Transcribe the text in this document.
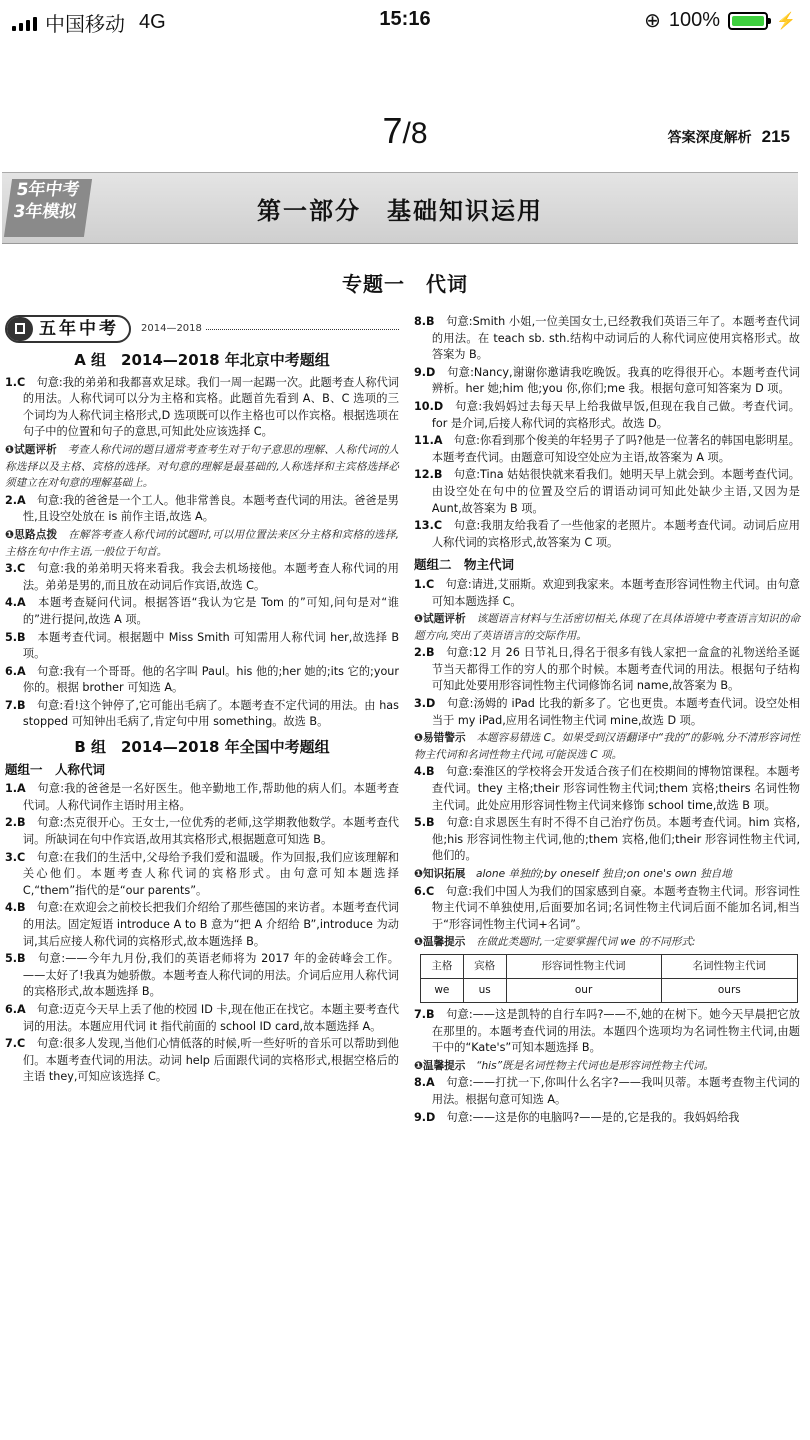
中国移动 4G	15:16	⊕ 100%	⚡
7/8	答案深度解析 215
5年中考
3年模拟	第一部分　基础知识运用
专题一　代词
五年中考 2014—2018
A 组　2014—2018 年北京中考题组

1.C　 句意:我的弟弟和我都喜欢足球。我们一周一起踢一次。此题考查人称代词的用法。人称代词可以分为主格和宾格。此题首先看到 A、B、C 选项的三个词均为人称代词主格形式,D 选项既可以作主格也可以作宾格。根据选项在句子中的位置和句子的意思,可知此处应该选择 C。

❶试题评析　 考查人称代词的题目通常考查考生对于句子意思的理解、人称代词的人称选择以及主格、宾格的选择。对句意的理解是最基础的,人称选择和主宾格选择必须建立在对句意的理解基础上。

2.A　 句意:我的爸爸是一个工人。他非常善良。本题考查代词的用法。爸爸是男性,且设空处放在 is 前作主语,故选 A。

❶思路点拨　 在解答考查人称代词的试题时,可以用位置法来区分主格和宾格的选择,主格在句中作主语,一般位于句首。

3.C　 句意:我的弟弟明天将来看我。我会去机场接他。本题考查人称代词的用法。弟弟是男的,而且放在动词后作宾语,故选 C。

4.A　 本题考查疑问代词。根据答语“我认为它是 Tom 的”可知,问句是对“谁的”进行提问,故选 A 项。

5.B　 本题考查代词。根据题中 Miss Smith 可知需用人称代词 her,故选择 B 项。

6.A　 句意:我有一个哥哥。他的名字叫 Paul。his 他的;her 她的;its 它的;your 你的。根据 brother 可知选 A。

7.B　 句意:看!这个钟停了,它可能出毛病了。本题考查不定代词的用法。由 has stopped 可知钟出毛病了,肯定句中用 something。故选 B。

B 组　2014—2018 年全国中考题组
题组一　人称代词

1.A　 句意:我的爸爸是一名好医生。他辛勤地工作,帮助他的病人们。本题考查代词。人称代词作主语时用主格。

2.B　 句意:杰克很开心。王女士,一位优秀的老师,这学期教他数学。本题考查代词。所缺词在句中作宾语,故用其宾格形式,根据题意可知选 B。

3.C　 句意:在我们的生活中,父母给予我们爱和温暖。作为回报,我们应该理解和关心他们。本题考查人称代词的宾格形式。由句意可知本题选择 C,“them”指代的是“our parents”。

4.B　 句意:在欢迎会之前校长把我们介绍给了那些德国的来访者。本题考查代词的用法。固定短语 introduce A to B 意为“把 A 介绍给 B”,introduce 为动词,其后应接人称代词的宾格形式,故本题选择 B。

5.B　 句意:——今年九月份,我们的英语老师将为 2017 年的金砖峰会工作。——太好了!我真为她骄傲。本题考查人称代词的用法。介词后应用人称代词的宾格形式,故本题选择 B。

6.A　 句意:迈克今天早上丢了他的校园 ID 卡,现在他正在找它。本题主要考查代词的用法。本题应用代词 it 指代前面的 school ID card,故本题选择 A。

7.C　 句意:很多人发现,当他们心情低落的时候,听一些好听的音乐可以帮助到他们。本题考查代词的用法。动词 help 后面跟代词的宾格形式,根据空格后的主语 they,可知应该选择 C。

8.B　 句意:Smith 小姐,一位美国女士,已经教我们英语三年了。本题考查代词的用法。在 teach sb. sth.结构中动词后的人称代词应使用宾格形式。故答案为 B。

9.D　 句意:Nancy,谢谢你邀请我吃晚饭。我真的吃得很开心。本题考查代词辨析。her 她;him 他;you 你,你们;me 我。根据句意可知答案为 D 项。

10.D　 句意:我妈妈过去每天早上给我做早饭,但现在我自己做。考查代词。for 是介词,后接人称代词的宾格形式。故选 D。

11.A　 句意:你看到那个俊美的年轻男子了吗?他是一位著名的韩国电影明星。本题考查代词。由题意可知设空处应为主语,故答案为 A 项。

12.B　 句意:Tina 姑姑很快就来看我们。她明天早上就会到。本题考查代词。由设空处在句中的位置及空后的谓语动词可知此处缺少主语,又因为是 Aunt,故答案为 B 项。

13.C　 句意:我朋友给我看了一些他家的老照片。本题考查代词。动词后应用人称代词的宾格形式,故答案为 C 项。

题组二　物主代词

1.C　 句意:请进,艾丽斯。欢迎到我家来。本题考查形容词性物主代词。由句意可知本题选择 C。

❶试题评析　 该题语言材料与生活密切相关,体现了在具体语境中考查语言知识的命题方向,突出了英语语言的交际作用。

2.B　 句意:12 月 26 日节礼日,得名于很多有钱人家把一盒盒的礼物送给圣诞节当天都得工作的穷人的那个时候。本题考查代词的用法。根据句子结构可知此处要用形容词性物主代词修饰名词 name,故答案为 B。

3.D　 句意:汤姆的 iPad 比我的新多了。它也更贵。本题考查代词。设空处相当于 my iPad,应用名词性物主代词 mine,故选 D 项。

❶易错警示　 本题容易错选 C。如果受到汉语翻译中“我的”的影响,分不清形容词性物主代词和名词性物主代词,可能误选 C 项。

4.B　 句意:秦淮区的学校将会开发适合孩子们在校期间的博物馆课程。本题考查代词。they 主格;their 形容词性物主代词;them 宾格;theirs 名词性物主代词。此处应用形容词性物主代词来修饰 school time,故选 B 项。

5.B　 句意:自求恩医生有时不得不自己治疗伤员。本题考查代词。him 宾格,他;his 形容词性物主代词,他的;them 宾格,他们;their 形容词性物主代词,他们的。

❶知识拓展　 alone 单独的;by oneself 独自;on one's own 独自地

6.C　 句意:我们中国人为我们的国家感到自豪。本题考查物主代词。形容词性物主代词不单独使用,后面要加名词;名词性物主代词后面不能加名词,相当于“形容词性物主代词+名词”。

❶温馨提示　 在做此类题时,一定要掌握代词 we 的不同形式:

主格	宾格	形容词性物主代词	名词性物主代词
we	us	our	ours

7.B　 句意:——这是凯特的自行车吗?——不,她的在树下。她今天早晨把它放在那里的。本题考查代词的用法。本题四个选项均为名词性物主代词,由题干中的“Kate's”可知本题选择 B。

❶温馨提示　 “his”既是名词性物主代词也是形容词性物主代词。

8.A　 句意:——打扰一下,你叫什么名字?——我叫贝蒂。本题考查物主代词的用法。根据句意可知选 A。

9.D　 句意:——这是你的电脑吗?——是的,它是我的。我妈妈给我
